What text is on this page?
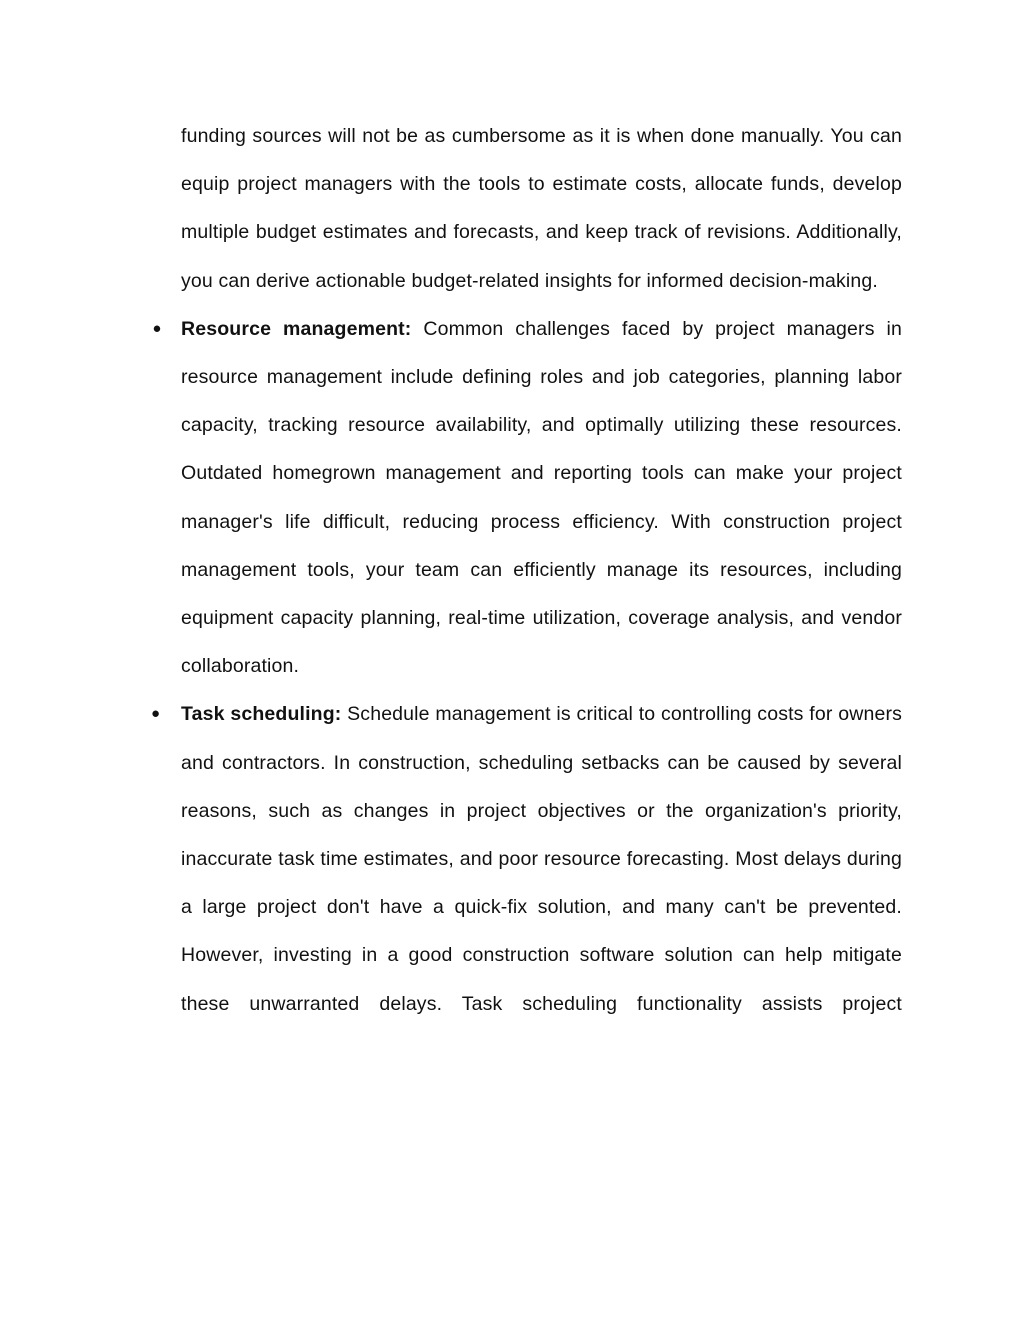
funding sources will not be as cumbersome as it is when done manually. You can equip project managers with the tools to estimate costs, allocate funds, develop multiple budget estimates and forecasts, and keep track of revisions. Additionally, you can derive actionable budget-related insights for informed decision-making.

● Resource management: Common challenges faced by project managers in resource management include defining roles and job categories, planning labor capacity, tracking resource availability, and optimally utilizing these resources. Outdated homegrown management and reporting tools can make your project manager's life difficult, reducing process efficiency. With construction project management tools, your team can efficiently manage its resources, including equipment capacity planning, real-time utilization, coverage analysis, and vendor collaboration.

● Task scheduling: Schedule management is critical to controlling costs for owners and contractors. In construction, scheduling setbacks can be caused by several reasons, such as changes in project objectives or the organization's priority, inaccurate task time estimates, and poor resource forecasting. Most delays during a large project don't have a quick-fix solution, and many can't be prevented. However, investing in a good construction software solution can help mitigate these unwarranted delays. Task scheduling functionality assists project
